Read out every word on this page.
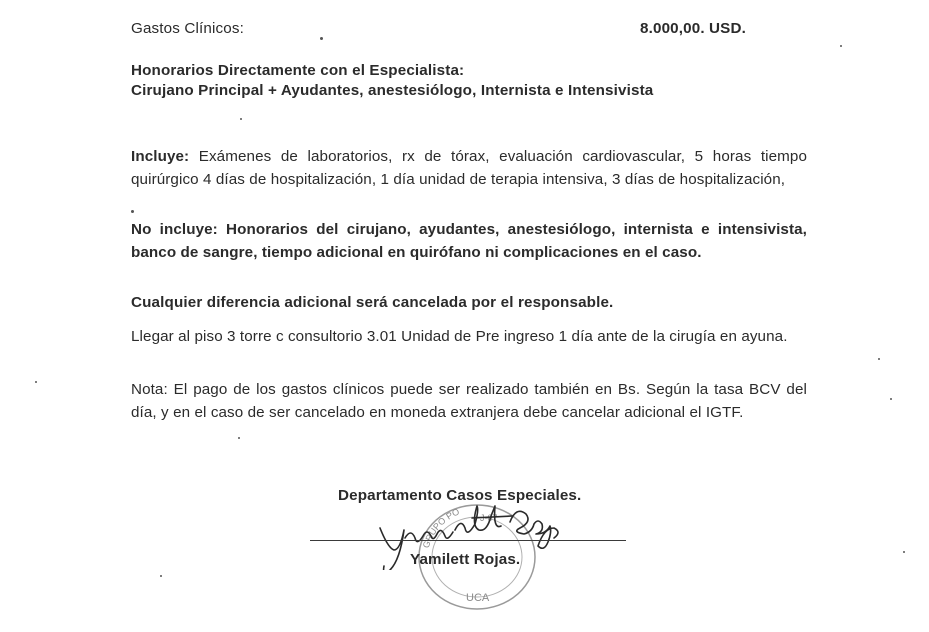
Gastos Clínicos:	8.000,00. USD.
Honorarios Directamente con el Especialista:
Cirujano Principal + Ayudantes, anestesiólogo, Internista e Intensivista
Incluye: Exámenes de laboratorios, rx de tórax, evaluación cardiovascular, 5 horas tiempo quirúrgico 4 días de hospitalización, 1 día unidad de terapia intensiva, 3 días de hospitalización,
No incluye: Honorarios del cirujano, ayudantes, anestesiólogo, internista e intensivista, banco de sangre, tiempo adicional en quirófano ni complicaciones en el caso.
Cualquier diferencia adicional será cancelada por el responsable.
Llegar al piso 3 torre c consultorio 3.01 Unidad de Pre ingreso 1 día ante de la cirugía en ayuna.
Nota: El pago de los gastos clínicos puede ser realizado también en Bs. Según la tasa BCV del día, y en el caso de ser cancelado en moneda extranjera debe cancelar adicional el IGTF.
GRUPO PO J-07
UCA
Departamento Casos Especiales.
Yamilett Rojas.
